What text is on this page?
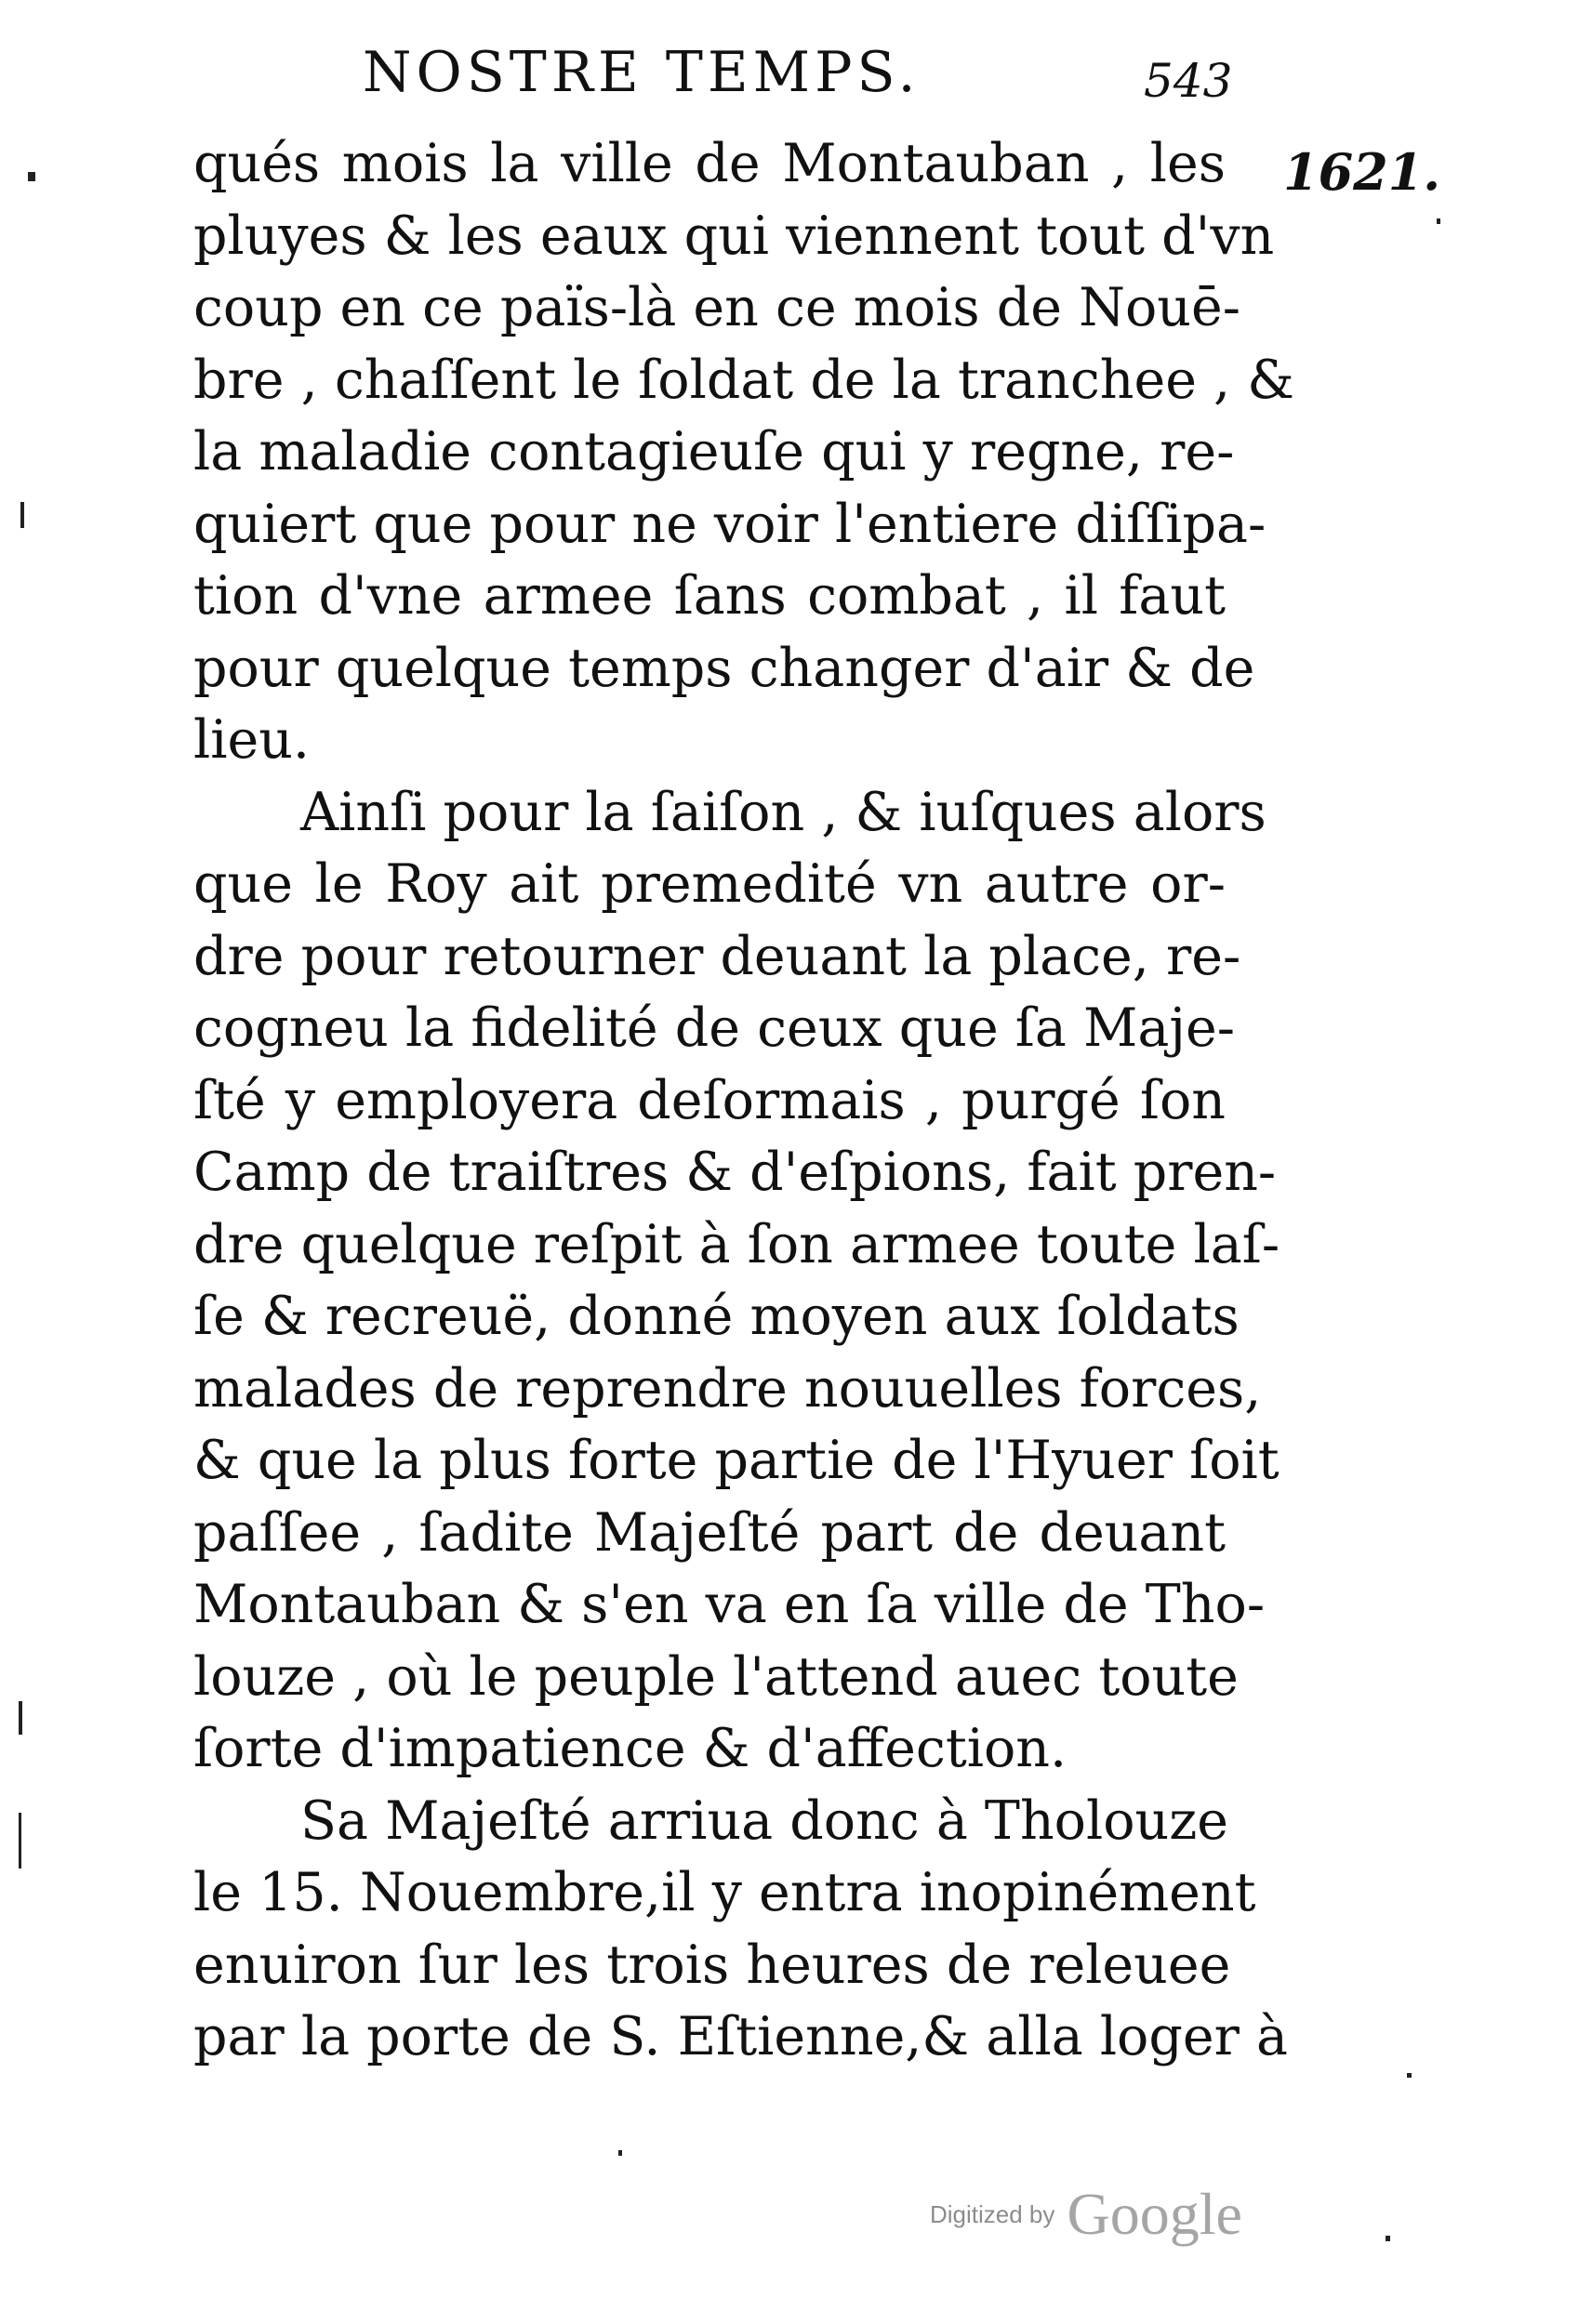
NOSTRE TEMPS.	543
1621.
qués mois la ville de Montauban , les
pluyes & les eaux qui viennent tout d'vn
coup en ce païs-là en ce mois de Nouē-
bre , chaſſent le ſoldat de la tranchee , &
la maladie contagieuſe qui y regne, re-
quiert que pour ne voir l'entiere diſſipa-
tion d'vne armee ſans combat , il faut
pour quelque temps changer d'air & de
lieu.
Ainſi pour la ſaiſon , & iuſques alors
que le Roy ait premedité vn autre or-
dre pour retourner deuant la place, re-
cogneu la fidelité de ceux que ſa Maje-
ſté y employera deſormais , purgé ſon
Camp de traiſtres & d'eſpions, fait pren-
dre quelque reſpit à ſon armee toute laſ-
ſe & recreuë, donné moyen aux ſoldats
malades de reprendre nouuelles forces,
& que la plus forte partie de l'Hyuer ſoit
paſſee , ſadite Majeſté part de deuant
Montauban & s'en va en ſa ville de Tho-
louze , où le peuple l'attend auec toute
ſorte d'impatience & d'affection.
Sa Majeſté arriua donc à Tholouze
le 15. Nouembre,il y entra inopinément
enuiron ſur les trois heures de releuee
par la porte de S. Eſtienne,& alla loger à
Digitized by Google
